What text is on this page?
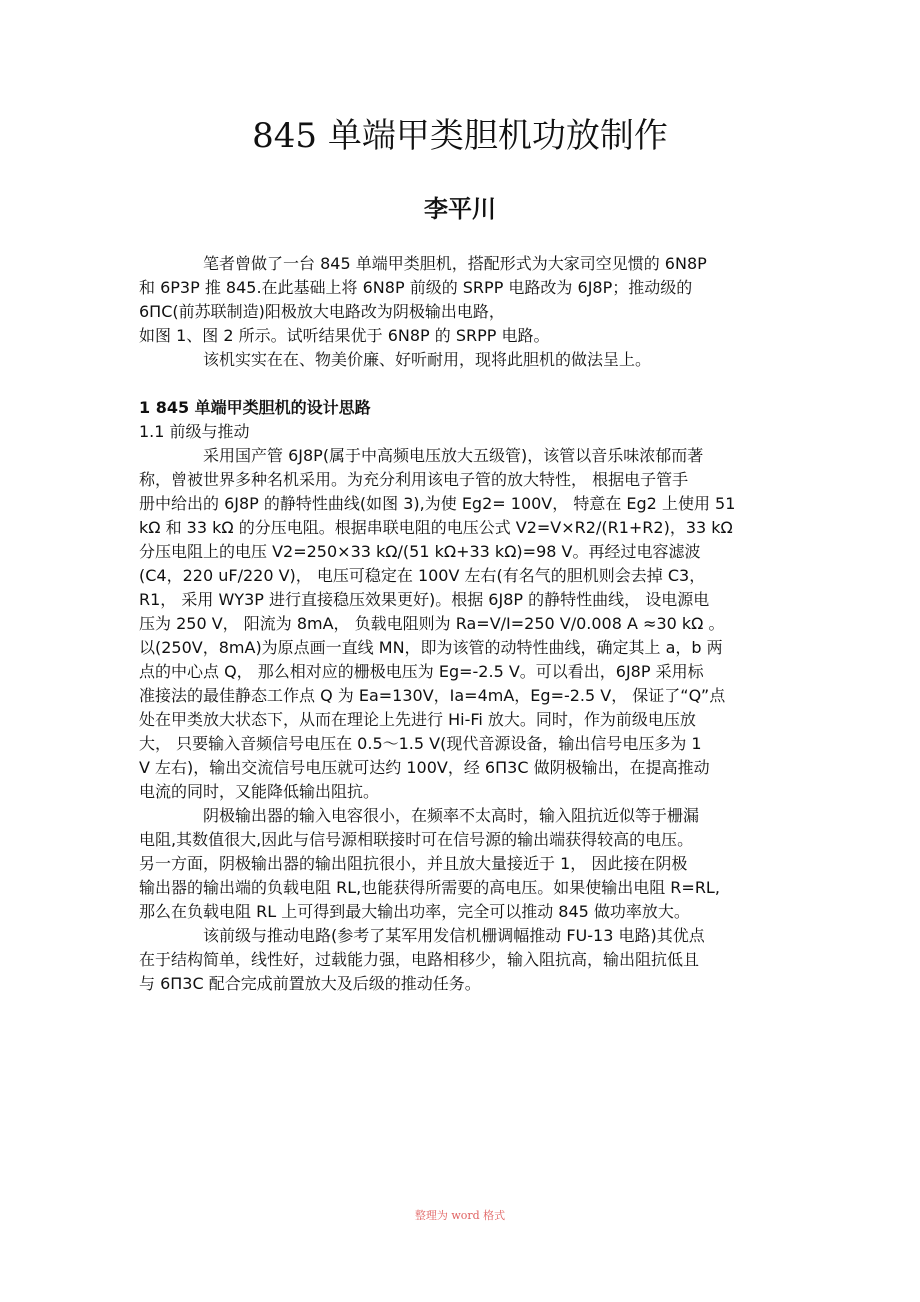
845 单端甲类胆机功放制作
李平川
笔者曾做了一台 845 单端甲类胆机，搭配形式为大家司空见惯的 6N8P
和 6P3P 推 845.在此基础上将 6N8P 前级的 SRPP 电路改为 6J8P；推动级的
6ПC(前苏联制造)阳极放大电路改为阴极输出电路，
如图 1、图 2 所示。试听结果优于 6N8P 的 SRPP 电路。
该机实实在在、物美价廉、好听耐用，现将此胆机的做法呈上。
1 845 单端甲类胆机的设计思路
1.1 前级与推动
采用国产管 6J8P(属于中高频电压放大五级管)，该管以音乐味浓郁而著
称，曾被世界多种名机采用。为充分利用该电子管的放大特性， 根据电子管手
册中给出的 6J8P 的静特性曲线(如图 3),为使 Eg2= 100V， 特意在 Eg2 上使用 51
kΩ 和 33 kΩ 的分压电阻。根据串联电阻的电压公式 V2=V×R2/(R1+R2)，33 kΩ
分压电阻上的电压 V2=250×33 kΩ/(51 kΩ+33 kΩ)=98 V。再经过电容滤波
(C4，220 uF/220 V)， 电压可稳定在 100V 左右(有名气的胆机则会去掉 C3，
R1， 采用 WY3P 进行直接稳压效果更好)。根据 6J8P 的静特性曲线， 设电源电
压为 250 V， 阳流为 8mA， 负载电阻则为 Ra=V/I=250 V/0.008 A ≈30 kΩ 。
以(250V，8mA)为原点画一直线 MN，即为该管的动特性曲线，确定其上 a，b 两
点的中心点 Q， 那么相对应的栅极电压为 Eg=-2.5 V。可以看出，6J8P 采用标
准接法的最佳静态工作点 Q 为 Ea=130V，Ia=4mA，Eg=-2.5 V， 保证了“Q”点
处在甲类放大状态下，从而在理论上先进行 Hi-Fi 放大。同时，作为前级电压放
大， 只要输入音频信号电压在 0.5～1.5 V(现代音源设备，输出信号电压多为 1
V 左右)，输出交流信号电压就可达约 100V，经 6П3C 做阴极输出，在提高推动
电流的同时，又能降低输出阻抗。
阴极输出器的输入电容很小，在频率不太高时，输入阻抗近似等于栅漏
电阻,其数值很大,因此与信号源相联接时可在信号源的输出端获得较高的电压。
另一方面，阴极输出器的输出阻抗很小，并且放大量接近于 1， 因此接在阴极
输出器的输出端的负载电阻 RL,也能获得所需要的高电压。如果使输出电阻 R=RL,
那么在负载电阻 RL 上可得到最大输出功率，完全可以推动 845 做功率放大。
该前级与推动电路(参考了某军用发信机栅调幅推动 FU-13 电路)其优点
在于结构简单，线性好，过载能力强，电路相移少，输入阻抗高，输出阻抗低且
与 6П3C 配合完成前置放大及后级的推动任务。
整理为 word 格式
